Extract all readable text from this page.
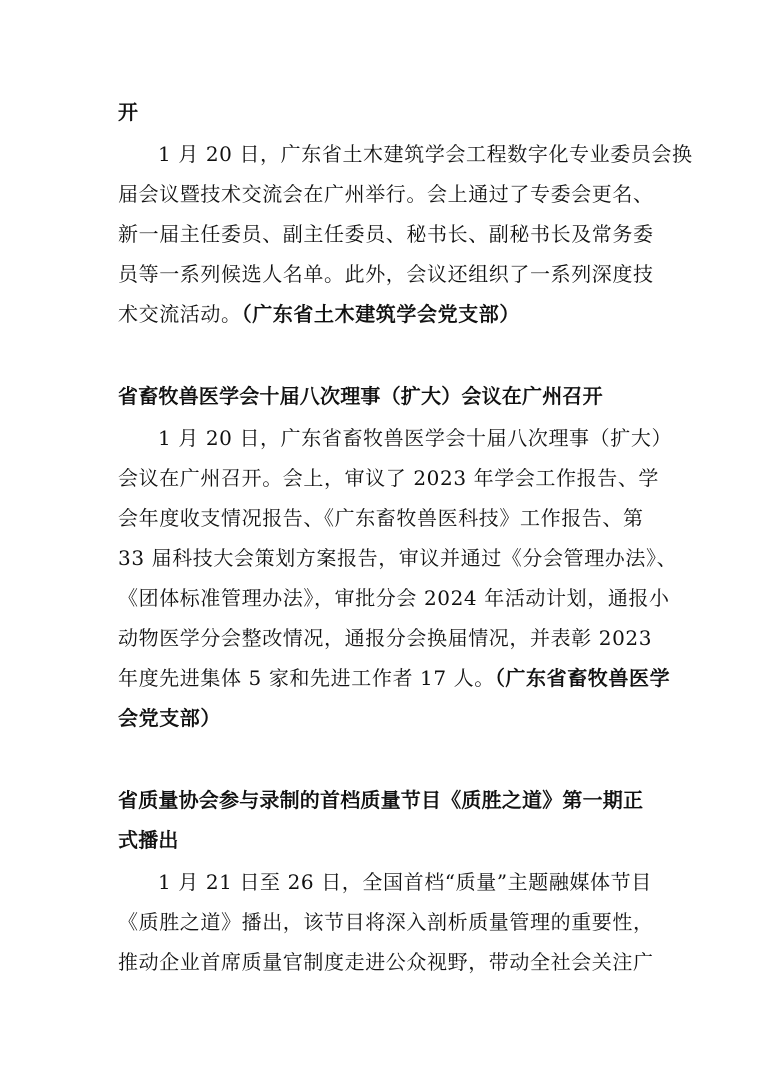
开
1 月 20 日，广东省土木建筑学会工程数字化专业委员会换
届会议暨技术交流会在广州举行。会上通过了专委会更名、
新一届主任委员、副主任委员、秘书长、副秘书长及常务委
员等一系列候选人名单。此外，会议还组织了一系列深度技
术交流活动。（广东省土木建筑学会党支部）
省畜牧兽医学会十届八次理事（扩大）会议在广州召开
1 月 20 日，广东省畜牧兽医学会十届八次理事（扩大）
会议在广州召开。会上，审议了 2023 年学会工作报告、学
会年度收支情况报告、《广东畜牧兽医科技》工作报告、第
33 届科技大会策划方案报告，审议并通过《分会管理办法》、
《团体标准管理办法》，审批分会 2024 年活动计划，通报小
动物医学分会整改情况，通报分会换届情况，并表彰 2023
年度先进集体 5 家和先进工作者 17 人。（广东省畜牧兽医学
会党支部）
省质量协会参与录制的首档质量节目《质胜之道》第一期正
式播出
1 月 21 日至 26 日，全国首档“质量”主题融媒体节目
《质胜之道》播出，该节目将深入剖析质量管理的重要性，
推动企业首席质量官制度走进公众视野，带动全社会关注广
